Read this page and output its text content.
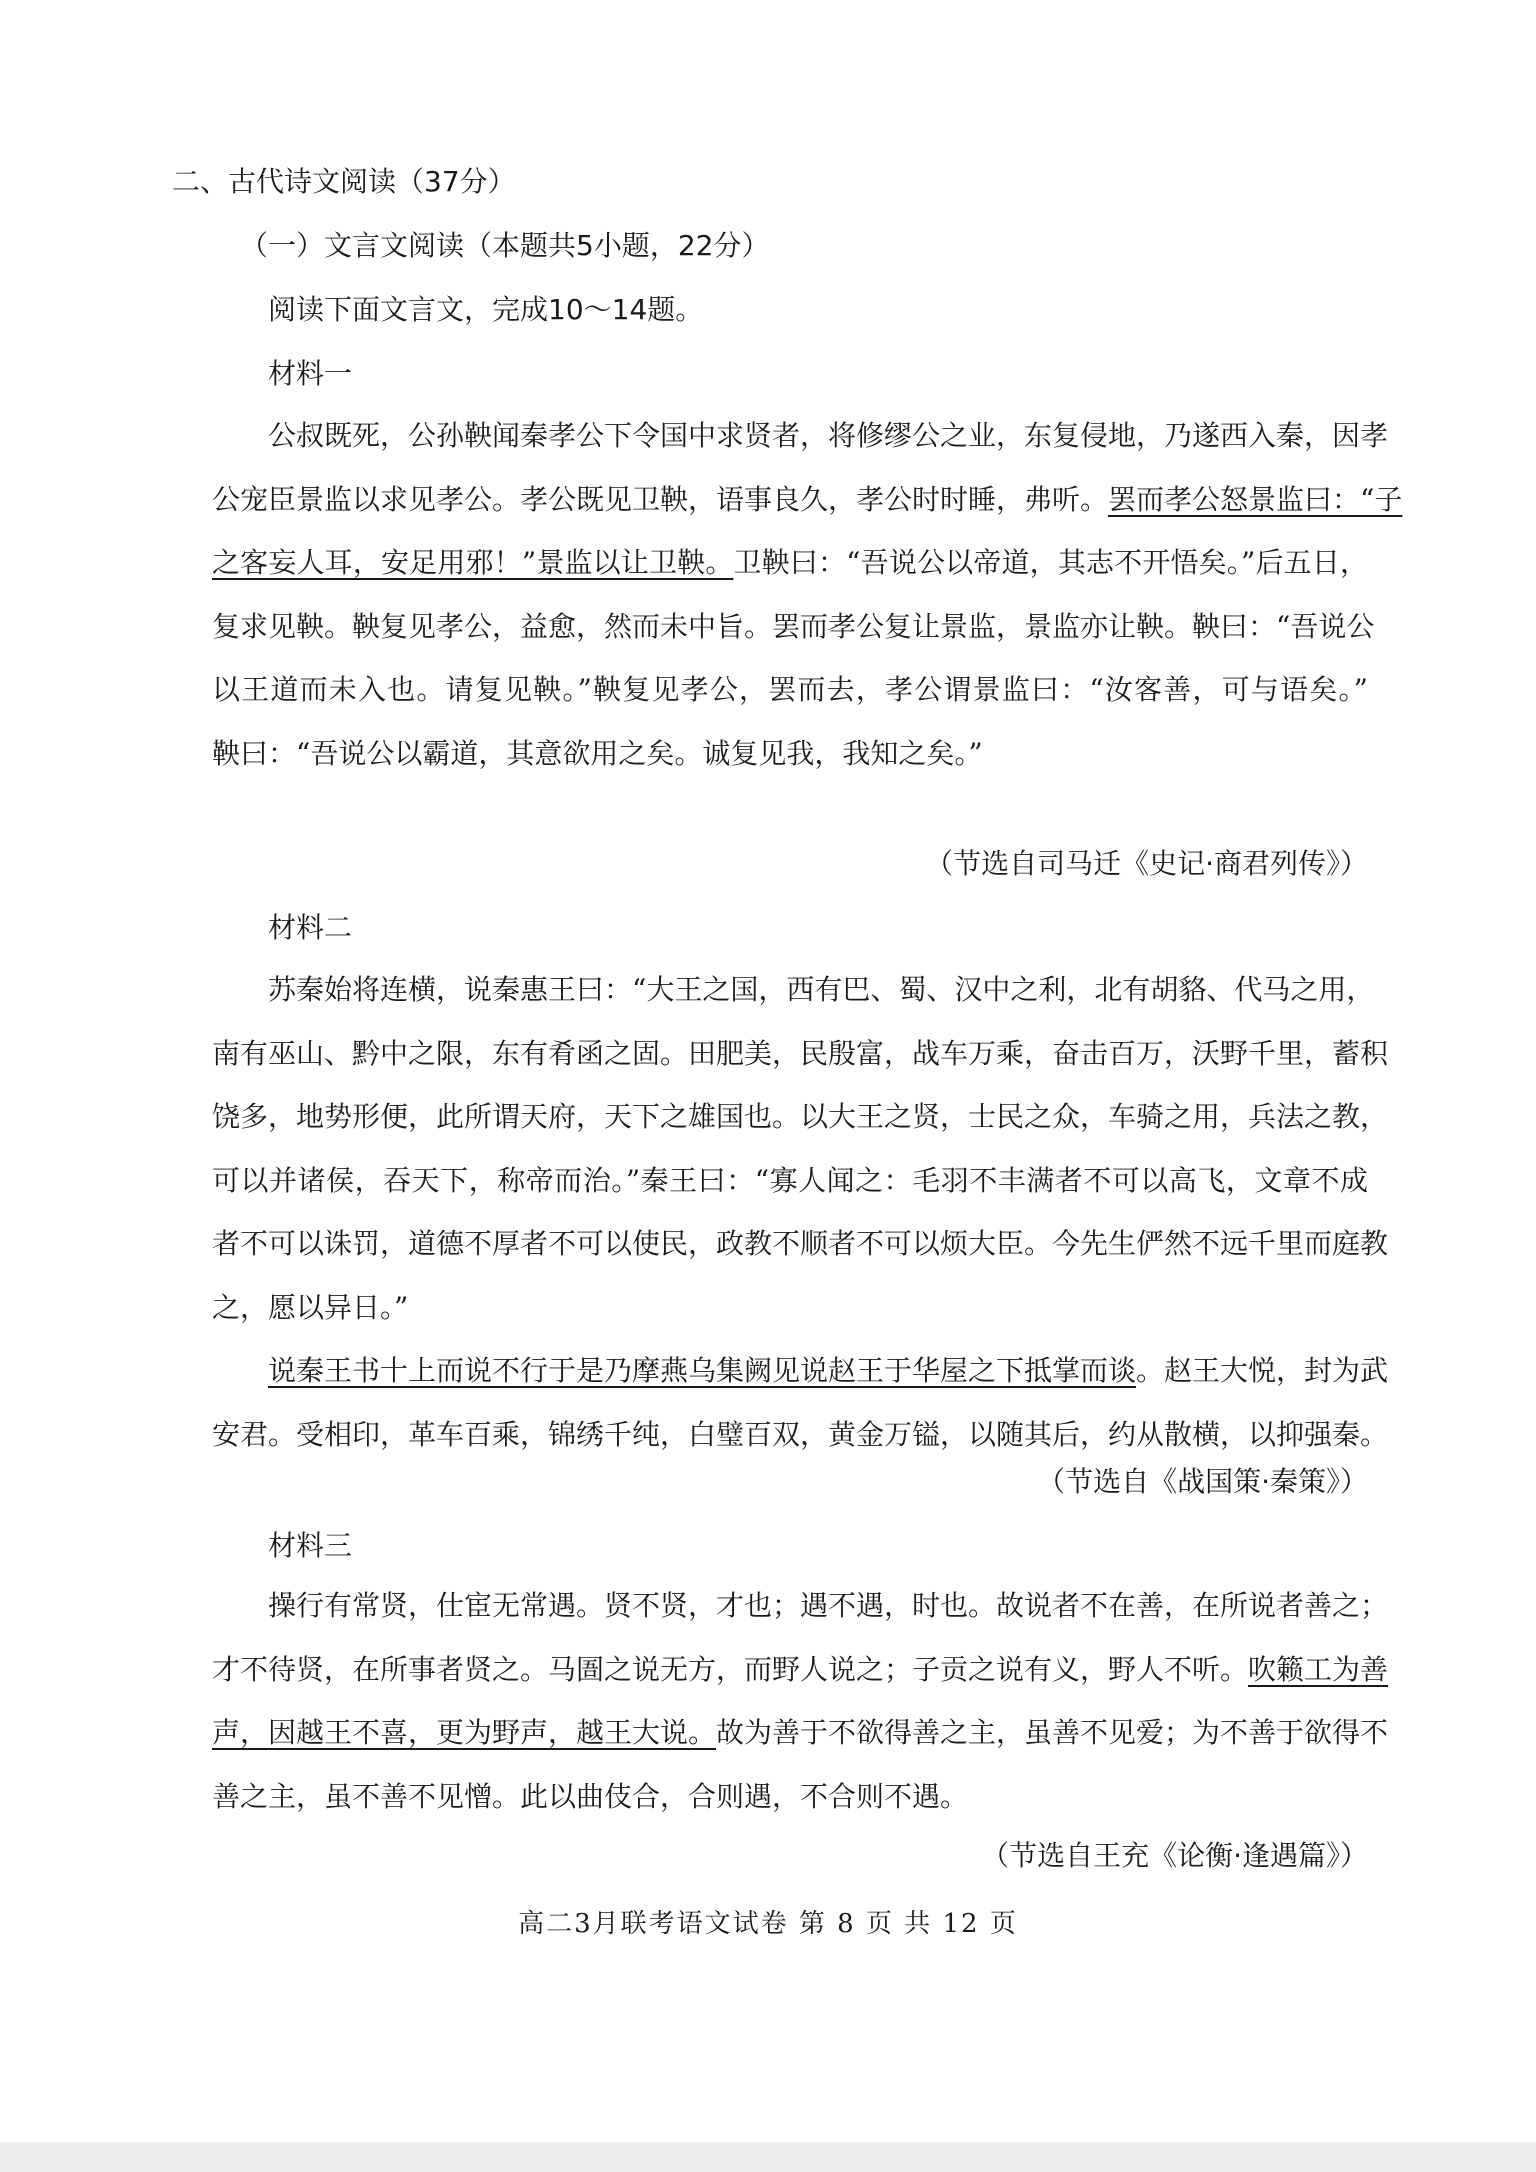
二、古代诗文阅读（37分）
（一）文言文阅读（本题共5小题，22分）
阅读下面文言文，完成10～14题。
材料一
公叔既死，公孙鞅闻秦孝公下令国中求贤者，将修缪公之业，东复侵地，乃遂西入秦，因孝
公宠臣景监以求见孝公。孝公既见卫鞅，语事良久，孝公时时睡，弗听。罢而孝公怒景监曰：“子
之客妄人耳，安足用邪！”景监以让卫鞅。卫鞅曰：“吾说公以帝道，其志不开悟矣。”后五日，
复求见鞅。鞅复见孝公，益愈，然而未中旨。罢而孝公复让景监，景监亦让鞅。鞅曰：“吾说公
以王道而未入也。请复见鞅。”鞅复见孝公，罢而去，孝公谓景监曰：“汝客善，可与语矣。”
鞅曰：“吾说公以霸道，其意欲用之矣。诚复见我，我知之矣。”
（节选自司马迁《史记·商君列传》）
材料二
苏秦始将连横，说秦惠王曰：“大王之国，西有巴、蜀、汉中之利，北有胡貉、代马之用，
南有巫山、黔中之限，东有肴函之固。田肥美，民殷富，战车万乘，奋击百万，沃野千里，蓄积
饶多，地势形便，此所谓天府，天下之雄国也。以大王之贤，士民之众，车骑之用，兵法之教，
可以并诸侯，吞天下，称帝而治。”秦王曰：“寡人闻之：毛羽不丰满者不可以高飞，文章不成
者不可以诛罚，道德不厚者不可以使民，政教不顺者不可以烦大臣。今先生俨然不远千里而庭教
之，愿以异日。”
说秦王书十上而说不行于是乃摩燕乌集阙见说赵王于华屋之下抵掌而谈。赵王大悦，封为武
安君。受相印，革车百乘，锦绣千纯，白璧百双，黄金万镒，以随其后，约从散横，以抑强秦。
（节选自《战国策·秦策》）
材料三
操行有常贤，仕宦无常遇。贤不贤，才也；遇不遇，时也。故说者不在善，在所说者善之；
才不待贤，在所事者贤之。马圄之说无方，而野人说之；子贡之说有义，野人不听。吹籁工为善
声，因越王不喜，更为野声，越王大说。故为善于不欲得善之主，虽善不见爱；为不善于欲得不
善之主，虽不善不见憎。此以曲伎合，合则遇，不合则不遇。
（节选自王充《论衡·逢遇篇》）
高二3月联考语文试卷 第 8 页 共 12 页
